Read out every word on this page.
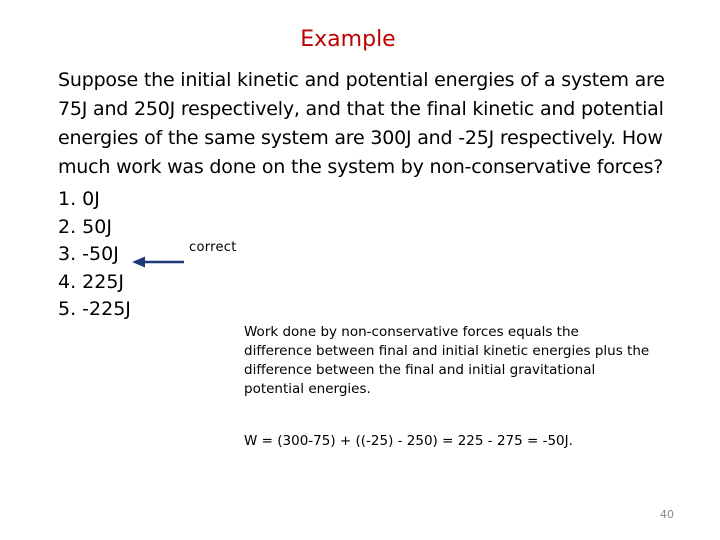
Example
Suppose the initial kinetic and potential energies of a system are
75J and 250J respectively, and that the final kinetic and potential
energies of the same system are 300J and -25J respectively. How
much work was done on the system by non-conservative forces?
1. 0J
2. 50J
3. -50J
4. 225J
5. -225J
correct
Work done by non-conservative forces equals the
difference between final and initial kinetic energies plus the
difference between the final and initial gravitational
potential energies.
W = (300-75) + ((-25) - 250) = 225 - 275 = -50J.
40
